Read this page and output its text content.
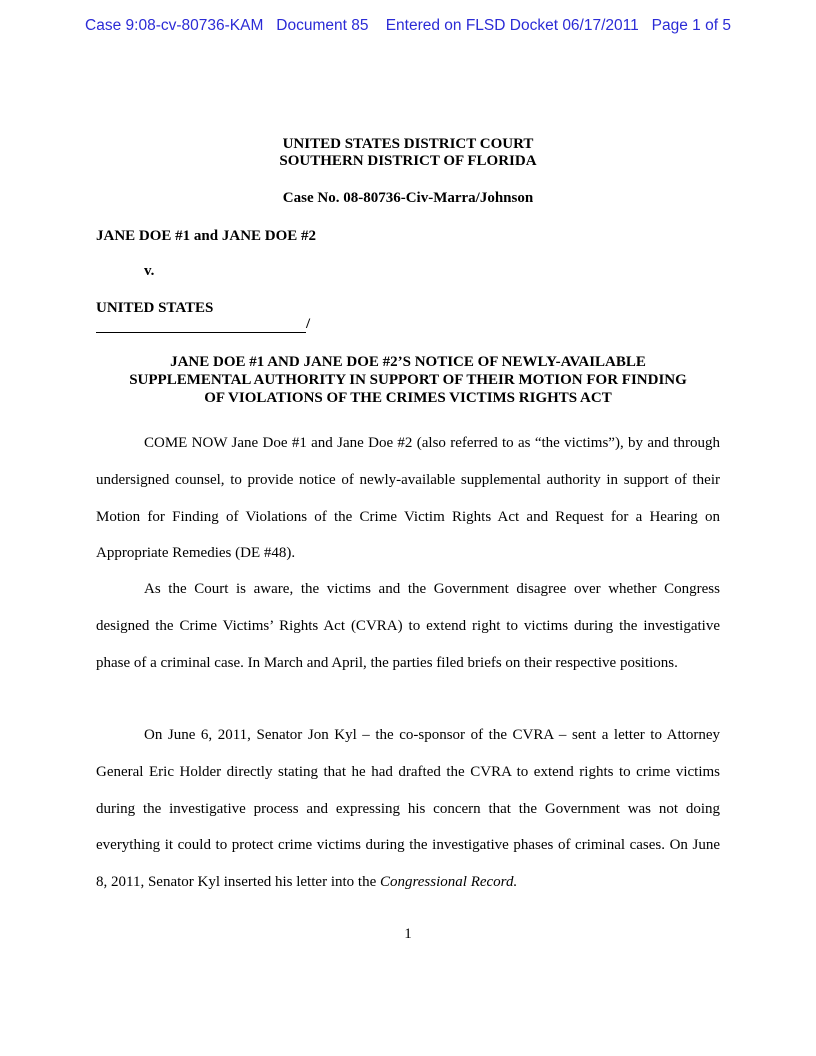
Case 9:08-cv-80736-KAM   Document 85    Entered on FLSD Docket 06/17/2011   Page 1 of 5
UNITED STATES DISTRICT COURT
SOUTHERN DISTRICT OF FLORIDA
Case No. 08-80736-Civ-Marra/Johnson
JANE DOE #1 and JANE DOE #2
v.
UNITED STATES
/
JANE DOE #1 AND JANE DOE #2’S NOTICE OF NEWLY-AVAILABLE
SUPPLEMENTAL AUTHORITY IN SUPPORT OF THEIR MOTION FOR FINDING
OF VIOLATIONS OF THE CRIMES VICTIMS RIGHTS ACT

COME NOW Jane Doe #1 and Jane Doe #2 (also referred to as “the victims”), by and through undersigned counsel, to provide notice of newly-available supplemental authority in support of their Motion for Finding of Violations of the Crime Victim Rights Act and Request for a Hearing on Appropriate Remedies (DE #48).

As the Court is aware, the victims and the Government disagree over whether Congress designed the Crime Victims’ Rights Act (CVRA) to extend right to victims during the investigative phase of a criminal case. In March and April, the parties filed briefs on their respective positions.

On June 6, 2011, Senator Jon Kyl – the co-sponsor of the CVRA – sent a letter to Attorney General Eric Holder directly stating that he had drafted the CVRA to extend rights to crime victims during the investigative process and expressing his concern that the Government was not doing everything it could to protect crime victims during the investigative phases of criminal cases. On June 8, 2011, Senator Kyl inserted his letter into the Congressional Record.

1
